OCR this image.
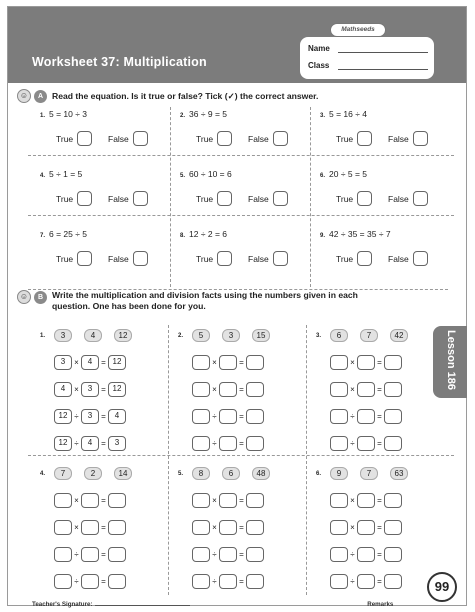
Mathseeds
Worksheet 37: Multiplication
Name
Class
☺	A	Read the equation. Is it true or false? Tick (✓) the correct answer.
1. 5 = 10 ÷ 3
True	False
2. 36 ÷ 9 = 5
True	False
3. 5 = 16 ÷ 4
True	False
4. 5 ÷ 1 = 5
True	False
5. 60 ÷ 10 = 6
True	False
6. 20 ÷ 5 = 5
True	False
7. 6 = 25 ÷ 5
True	False
8. 12 ÷ 2 = 6
True	False
9. 42 ÷ 35 = 35 ÷ 7
True	False
☺	B	Write the multiplication and division facts using the numbers given in each
question. One has been done for you.
1.	3	4	12
3	×	4	= 12
4	×	3	= 12
12 ÷	3	=	4
12 ÷	4	=	3
2.	5	3	15
×	=
×	=
÷	=
÷	=
3.	6	7	42
×	=
×	=
÷	=
÷	=
4.	7	2	14
×	=
×	=
÷	=
÷	=
5.	8	6	48
×	=
×	=
÷	=
÷	=
6.	9	7	63
×	=
×	=
÷	=
÷	=
Teacher's Signature:	Remarks
Lesson 186
99
